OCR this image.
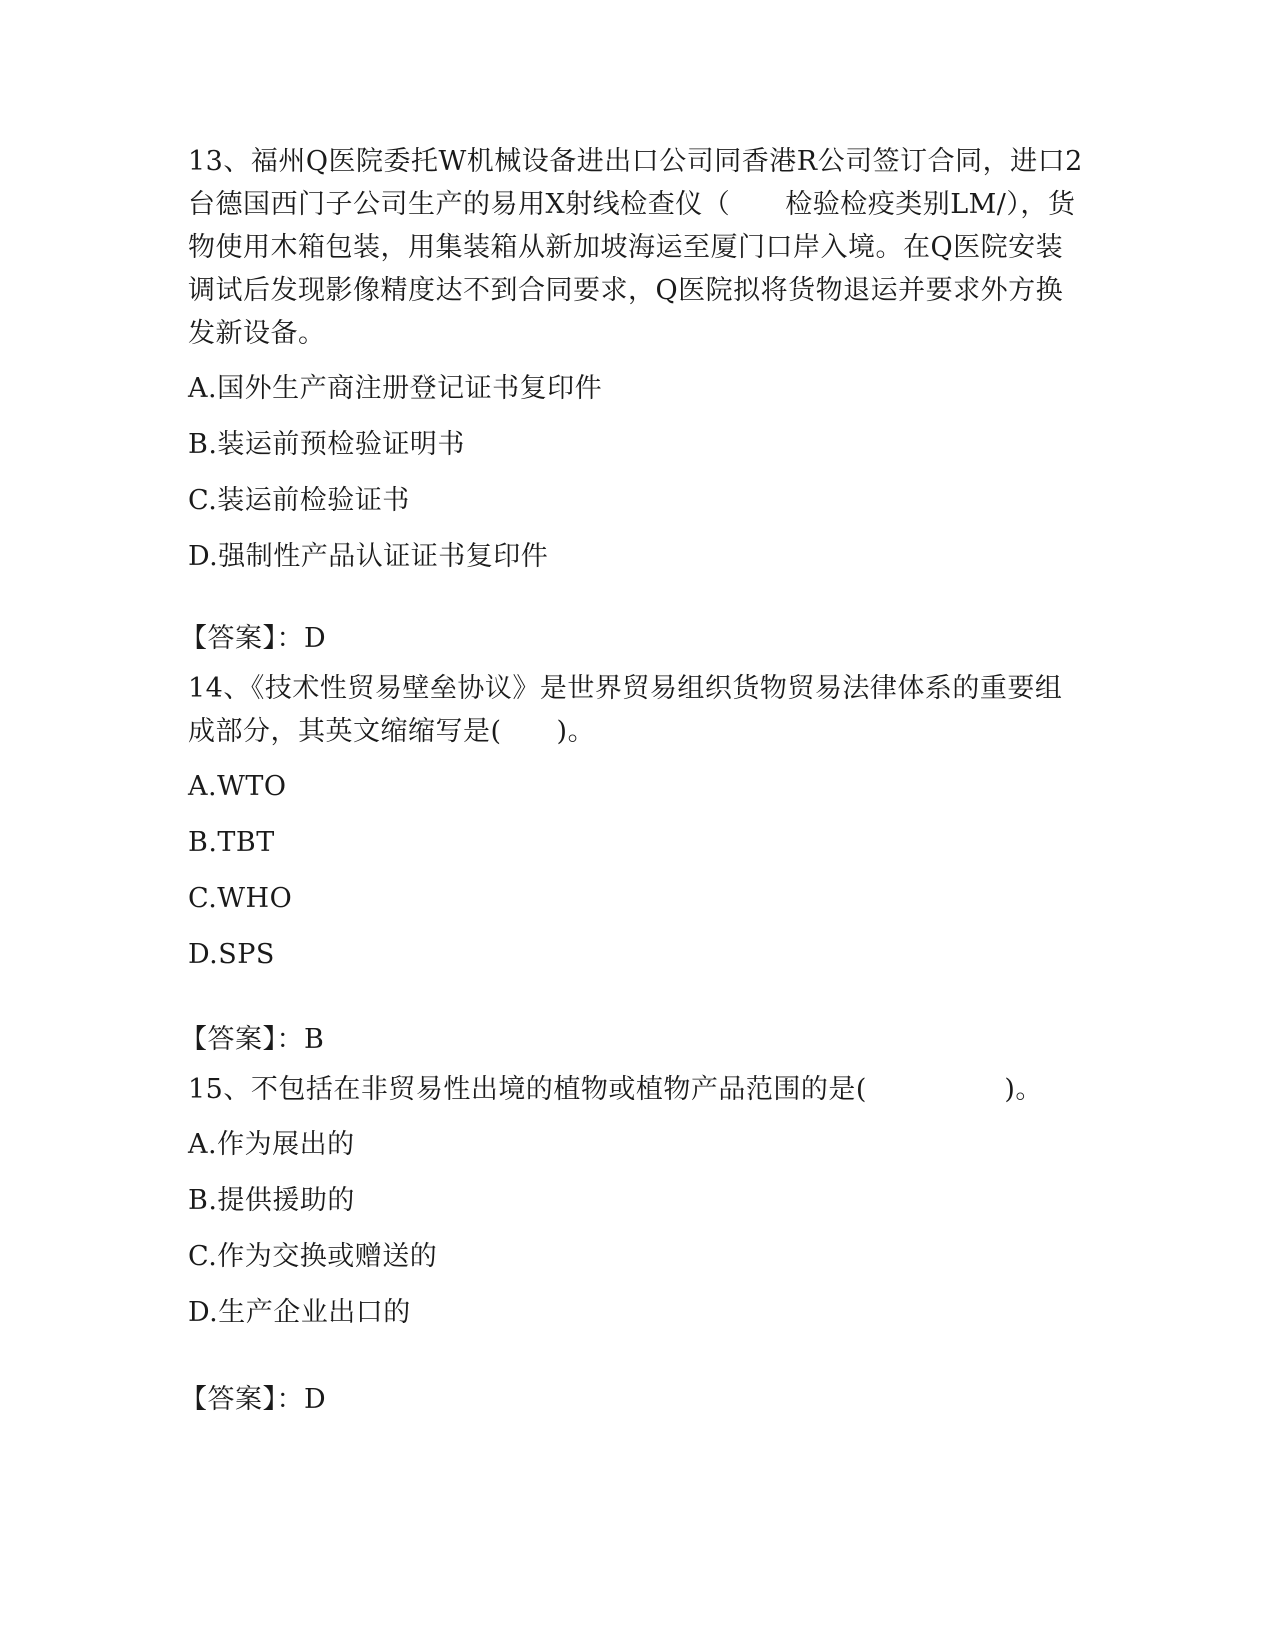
13、福州Q医院委托W机械设备进出口公司同香港R公司签订合同，进口2台德国西门子公司生产的易用X射线检查仪（　　检验检疫类别LM/），货物使用木箱包装，用集装箱从新加坡海运至厦门口岸入境。在Q医院安装调试后发现影像精度达不到合同要求，Q医院拟将货物退运并要求外方换发新设备。

A.国外生产商注册登记证书复印件
B.装运前预检验证明书
C.装运前检验证书
D.强制性产品认证证书复印件
【答案】：D

14、《技术性贸易壁垒协议》是世界贸易组织货物贸易法律体系的重要组成部分，其英文缩缩写是(　　)。

A.WTO
B.TBT
C.WHO
D.SPS
【答案】：B

15、不包括在非贸易性出境的植物或植物产品范围的是(　　　　　)。

A.作为展出的
B.提供援助的
C.作为交换或赠送的
D.生产企业出口的
【答案】：D
